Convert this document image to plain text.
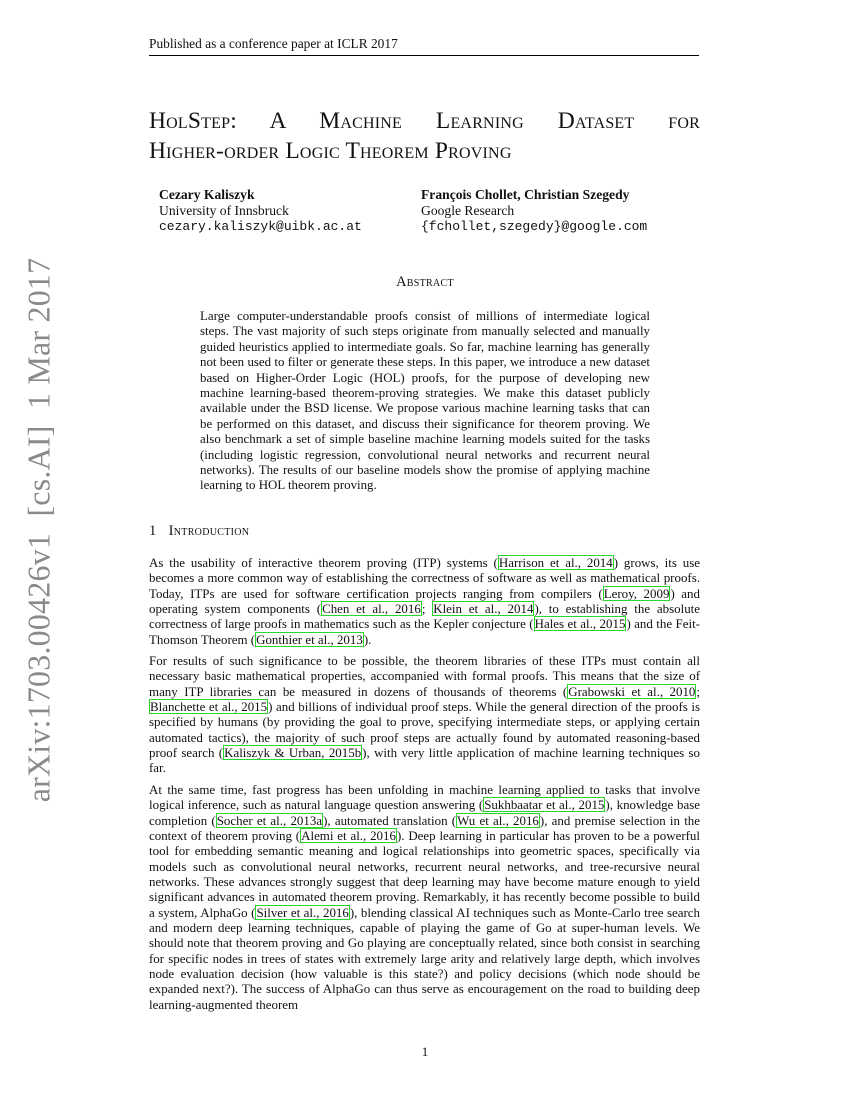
Published as a conference paper at ICLR 2017
HolStep: A Machine Learning Dataset for
Higher-order Logic Theorem Proving
Cezary Kaliszyk
University of Innsbruck
cezary.kaliszyk@uibk.ac.at
François Chollet, Christian Szegedy
Google Research
{fchollet,szegedy}@google.com
Abstract
Large computer-understandable proofs consist of millions of intermediate logical steps. The vast majority of such steps originate from manually selected and manually guided heuristics applied to intermediate goals. So far, machine learning has generally not been used to filter or generate these steps. In this paper, we introduce a new dataset based on Higher-Order Logic (HOL) proofs, for the purpose of developing new machine learning-based theorem-proving strategies. We make this dataset publicly available under the BSD license. We propose various machine learning tasks that can be performed on this dataset, and discuss their significance for theorem proving. We also benchmark a set of simple baseline machine learning models suited for the tasks (including logistic regression, convolutional neural networks and recurrent neural networks). The results of our baseline models show the promise of applying machine learning to HOL theorem proving.
1 Introduction

As the usability of interactive theorem proving (ITP) systems (Harrison et al., 2014) grows, its use becomes a more common way of establishing the correctness of software as well as mathematical proofs. Today, ITPs are used for software certification projects ranging from compilers (Leroy, 2009) and operating system components (Chen et al., 2016; Klein et al., 2014), to establishing the absolute correctness of large proofs in mathematics such as the Kepler conjecture (Hales et al., 2015) and the Feit-Thomson Theorem (Gonthier et al., 2013).

For results of such significance to be possible, the theorem libraries of these ITPs must contain all necessary basic mathematical properties, accompanied with formal proofs. This means that the size of many ITP libraries can be measured in dozens of thousands of theorems (Grabowski et al., 2010; Blanchette et al., 2015) and billions of individual proof steps. While the general direction of the proofs is specified by humans (by providing the goal to prove, specifying intermediate steps, or applying certain automated tactics), the majority of such proof steps are actually found by automated reasoning-based proof search (Kaliszyk & Urban, 2015b), with very little application of machine learning techniques so far.

At the same time, fast progress has been unfolding in machine learning applied to tasks that involve logical inference, such as natural language question answering (Sukhbaatar et al., 2015), knowledge base completion (Socher et al., 2013a), automated translation (Wu et al., 2016), and premise selection in the context of theorem proving (Alemi et al., 2016). Deep learning in particular has proven to be a powerful tool for embedding semantic meaning and logical relationships into geometric spaces, specifically via models such as convolutional neural networks, recurrent neural networks, and tree-recursive neural networks. These advances strongly suggest that deep learning may have become mature enough to yield significant advances in automated theorem proving. Remarkably, it has recently become possible to build a system, AlphaGo (Silver et al., 2016), blending classical AI techniques such as Monte-Carlo tree search and modern deep learning techniques, capable of playing the game of Go at super-human levels. We should note that theorem proving and Go playing are conceptually related, since both consist in searching for specific nodes in trees of states with extremely large arity and relatively large depth, which involves node evaluation decision (how valuable is this state?) and policy decisions (which node should be expanded next?). The success of AlphaGo can thus serve as encouragement on the road to building deep learning-augmented theorem

1
arXiv:1703.00426v1  [cs.AI]  1 Mar 2017
